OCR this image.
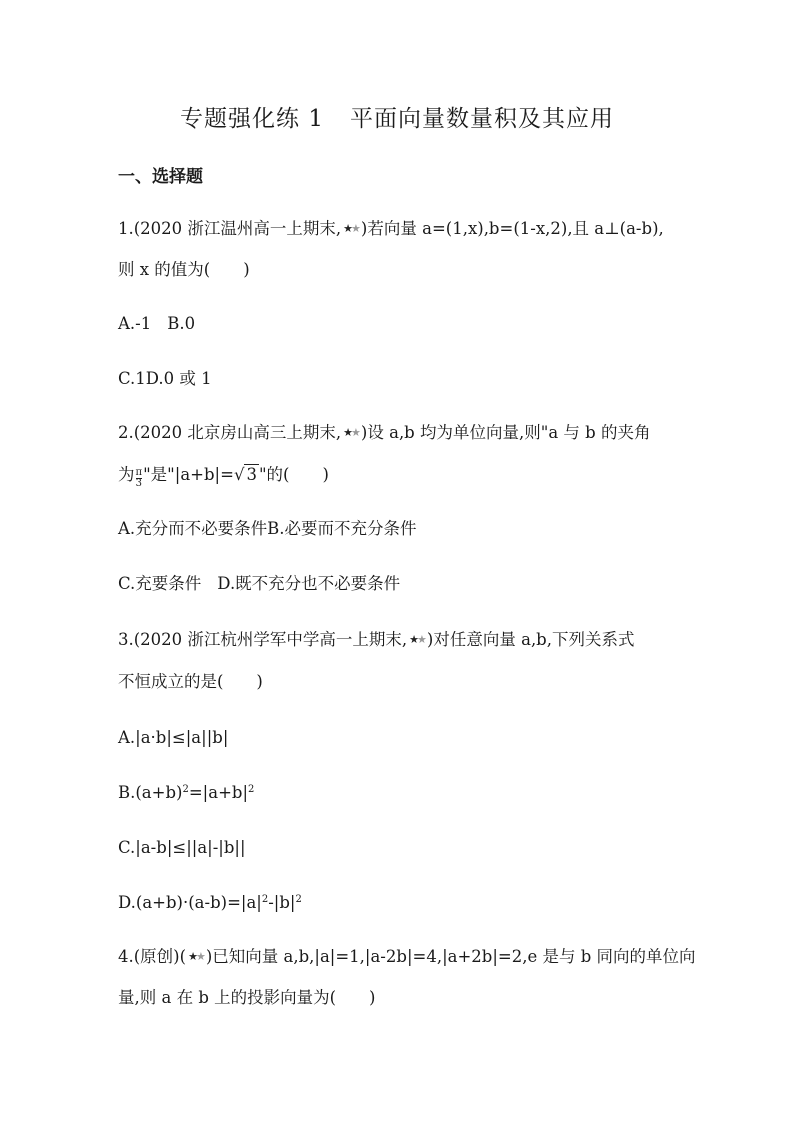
专题强化练 1 平面向量数量积及其应用
一、选择题
1.(2020 浙江温州高一上期末, ★★ )若向量 a=(1,x),b=(1-x,2),且 a⊥(a-b),
则 x 的值为(　　)
A.-1 B.0
C.1D.0 或 1
2.(2020 北京房山高三上期末, ★★ )设 a,b 均为单位向量,则"a 与 b 的夹角
为 $\frac{\pi}{3}$ "是"|a+b|=√ 3 "的(　　)
A.充分而不必要条件B.必要而不充分条件
C.充要条件 D.既不充分也不必要条件
3.(2020 浙江杭州学军中学高一上期末, ★★ )对任意向量 a,b,下列关系式
不恒成立的是(　　)
A.|a·b|≤|a||b|
$B.(a+b)^2=|a+b|^2$
C.|a-b|≤||a|-|b||
$D.(a+b)\cdot(a-b)=|a|^2-|b|^2$
4.(原创)( ★★ )已知向量 a,b,|a|=1,|a-2b|=4,|a+2b|=2,e 是与 b 同向的单位向
量,则 a 在 b 上的投影向量为(　　)
